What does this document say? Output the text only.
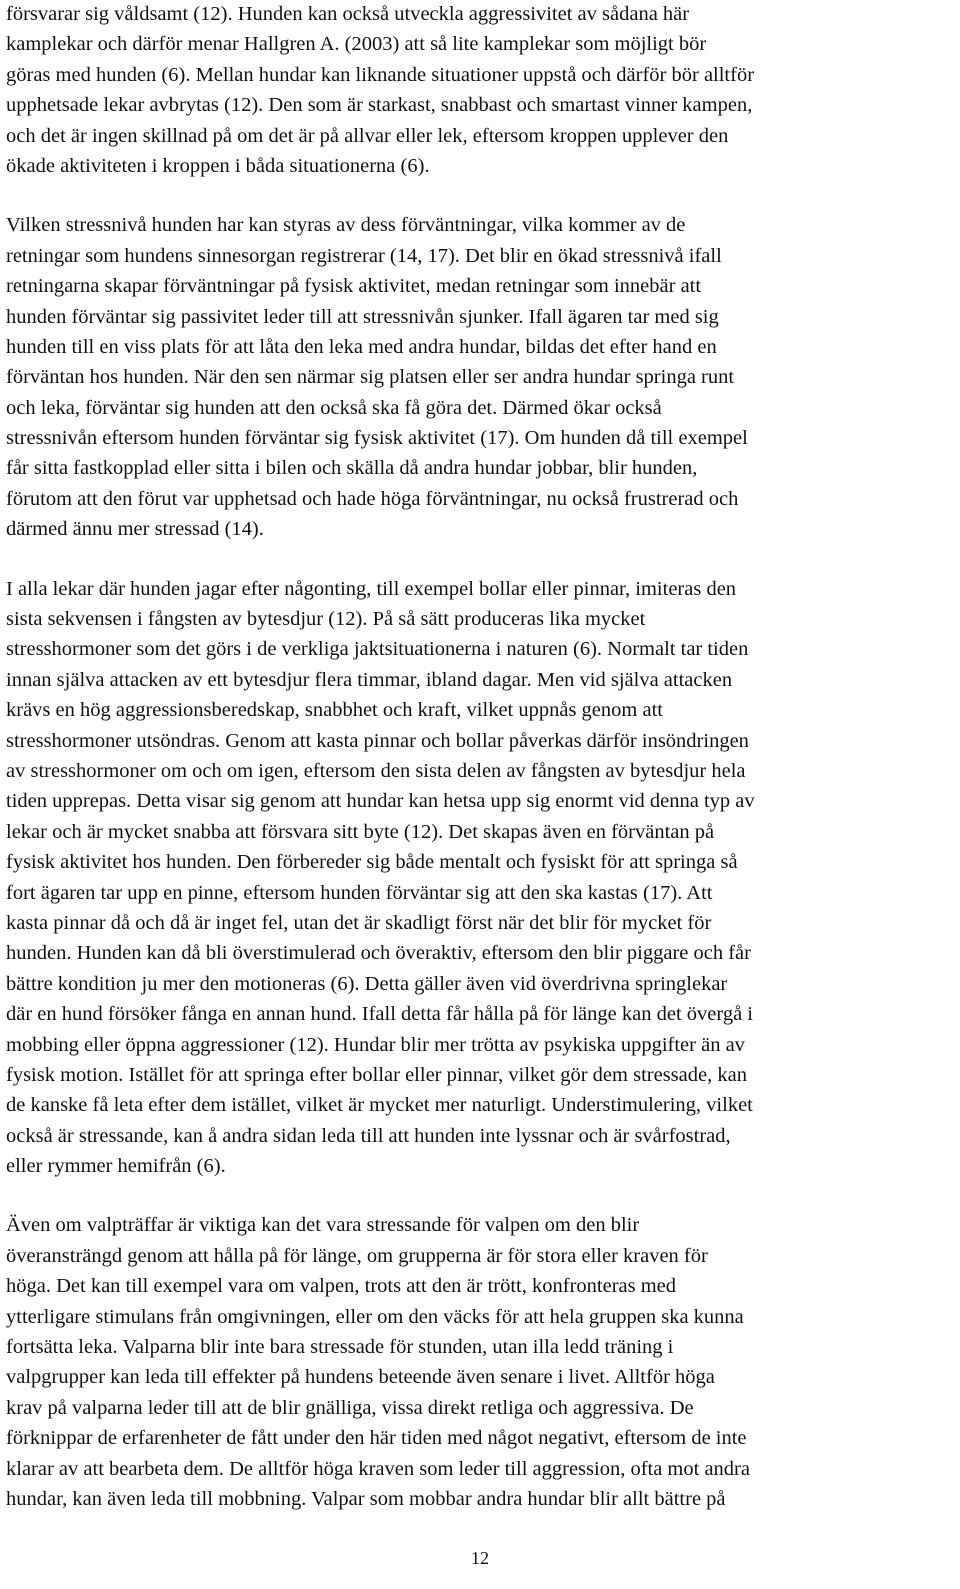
försvarar sig våldsamt (12). Hunden kan också utveckla aggressivitet av sådana här
kamplekar och därför menar Hallgren A. (2003) att så lite kamplekar som möjligt bör
göras med hunden (6). Mellan hundar kan liknande situationer uppstå och därför bör alltför
upphetsade lekar avbrytas (12). Den som är starkast, snabbast och smartast vinner kampen,
och det är ingen skillnad på om det är på allvar eller lek, eftersom kroppen upplever den
ökade aktiviteten i kroppen i båda situationerna (6).

Vilken stressnivå hunden har kan styras av dess förväntningar, vilka kommer av de
retningar som hundens sinnesorgan registrerar (14, 17). Det blir en ökad stressnivå ifall
retningarna skapar förväntningar på fysisk aktivitet, medan retningar som innebär att
hunden förväntar sig passivitet leder till att stressnivån sjunker. Ifall ägaren tar med sig
hunden till en viss plats för att låta den leka med andra hundar, bildas det efter hand en
förväntan hos hunden. När den sen närmar sig platsen eller ser andra hundar springa runt
och leka, förväntar sig hunden att den också ska få göra det. Därmed ökar också
stressnivån eftersom hunden förväntar sig fysisk aktivitet (17). Om hunden då till exempel
får sitta fastkopplad eller sitta i bilen och skälla då andra hundar jobbar, blir hunden,
förutom att den förut var upphetsad och hade höga förväntningar, nu också frustrerad och
därmed ännu mer stressad (14).

I alla lekar där hunden jagar efter någonting, till exempel bollar eller pinnar, imiteras den
sista sekvensen i fångsten av bytesdjur (12). På så sätt produceras lika mycket
stresshormoner som det görs i de verkliga jaktsituationerna i naturen (6). Normalt tar tiden
innan själva attacken av ett bytesdjur flera timmar, ibland dagar. Men vid själva attacken
krävs en hög aggressionsberedskap, snabbhet och kraft, vilket uppnås genom att
stresshormoner utsöndras. Genom att kasta pinnar och bollar påverkas därför insöndringen
av stresshormoner om och om igen, eftersom den sista delen av fångsten av bytesdjur hela
tiden upprepas. Detta visar sig genom att hundar kan hetsa upp sig enormt vid denna typ av
lekar och är mycket snabba att försvara sitt byte (12). Det skapas även en förväntan på
fysisk aktivitet hos hunden. Den förbereder sig både mentalt och fysiskt för att springa så
fort ägaren tar upp en pinne, eftersom hunden förväntar sig att den ska kastas (17). Att
kasta pinnar då och då är inget fel, utan det är skadligt först när det blir för mycket för
hunden. Hunden kan då bli överstimulerad och överaktiv, eftersom den blir piggare och får
bättre kondition ju mer den motioneras (6). Detta gäller även vid överdrivna springlekar
där en hund försöker fånga en annan hund. Ifall detta får hålla på för länge kan det övergå i
mobbing eller öppna aggressioner (12). Hundar blir mer trötta av psykiska uppgifter än av
fysisk motion. Istället för att springa efter bollar eller pinnar, vilket gör dem stressade, kan
de kanske få leta efter dem istället, vilket är mycket mer naturligt. Understimulering, vilket
också är stressande, kan å andra sidan leda till att hunden inte lyssnar och är svårfostrad,
eller rymmer hemifrån (6).

Även om valpträffar är viktiga kan det vara stressande för valpen om den blir
överansträngd genom att hålla på för länge, om grupperna är för stora eller kraven för
höga. Det kan till exempel vara om valpen, trots att den är trött, konfronteras med
ytterligare stimulans från omgivningen, eller om den väcks för att hela gruppen ska kunna
fortsätta leka. Valparna blir inte bara stressade för stunden, utan illa ledd träning i
valpgrupper kan leda till effekter på hundens beteende även senare i livet. Alltför höga
krav på valparna leder till att de blir gnälliga, vissa direkt retliga och aggressiva. De
förknippar de erfarenheter de fått under den här tiden med något negativt, eftersom de inte
klarar av att bearbeta dem. De alltför höga kraven som leder till aggression, ofta mot andra
hundar, kan även leda till mobbning. Valpar som mobbar andra hundar blir allt bättre på

12
